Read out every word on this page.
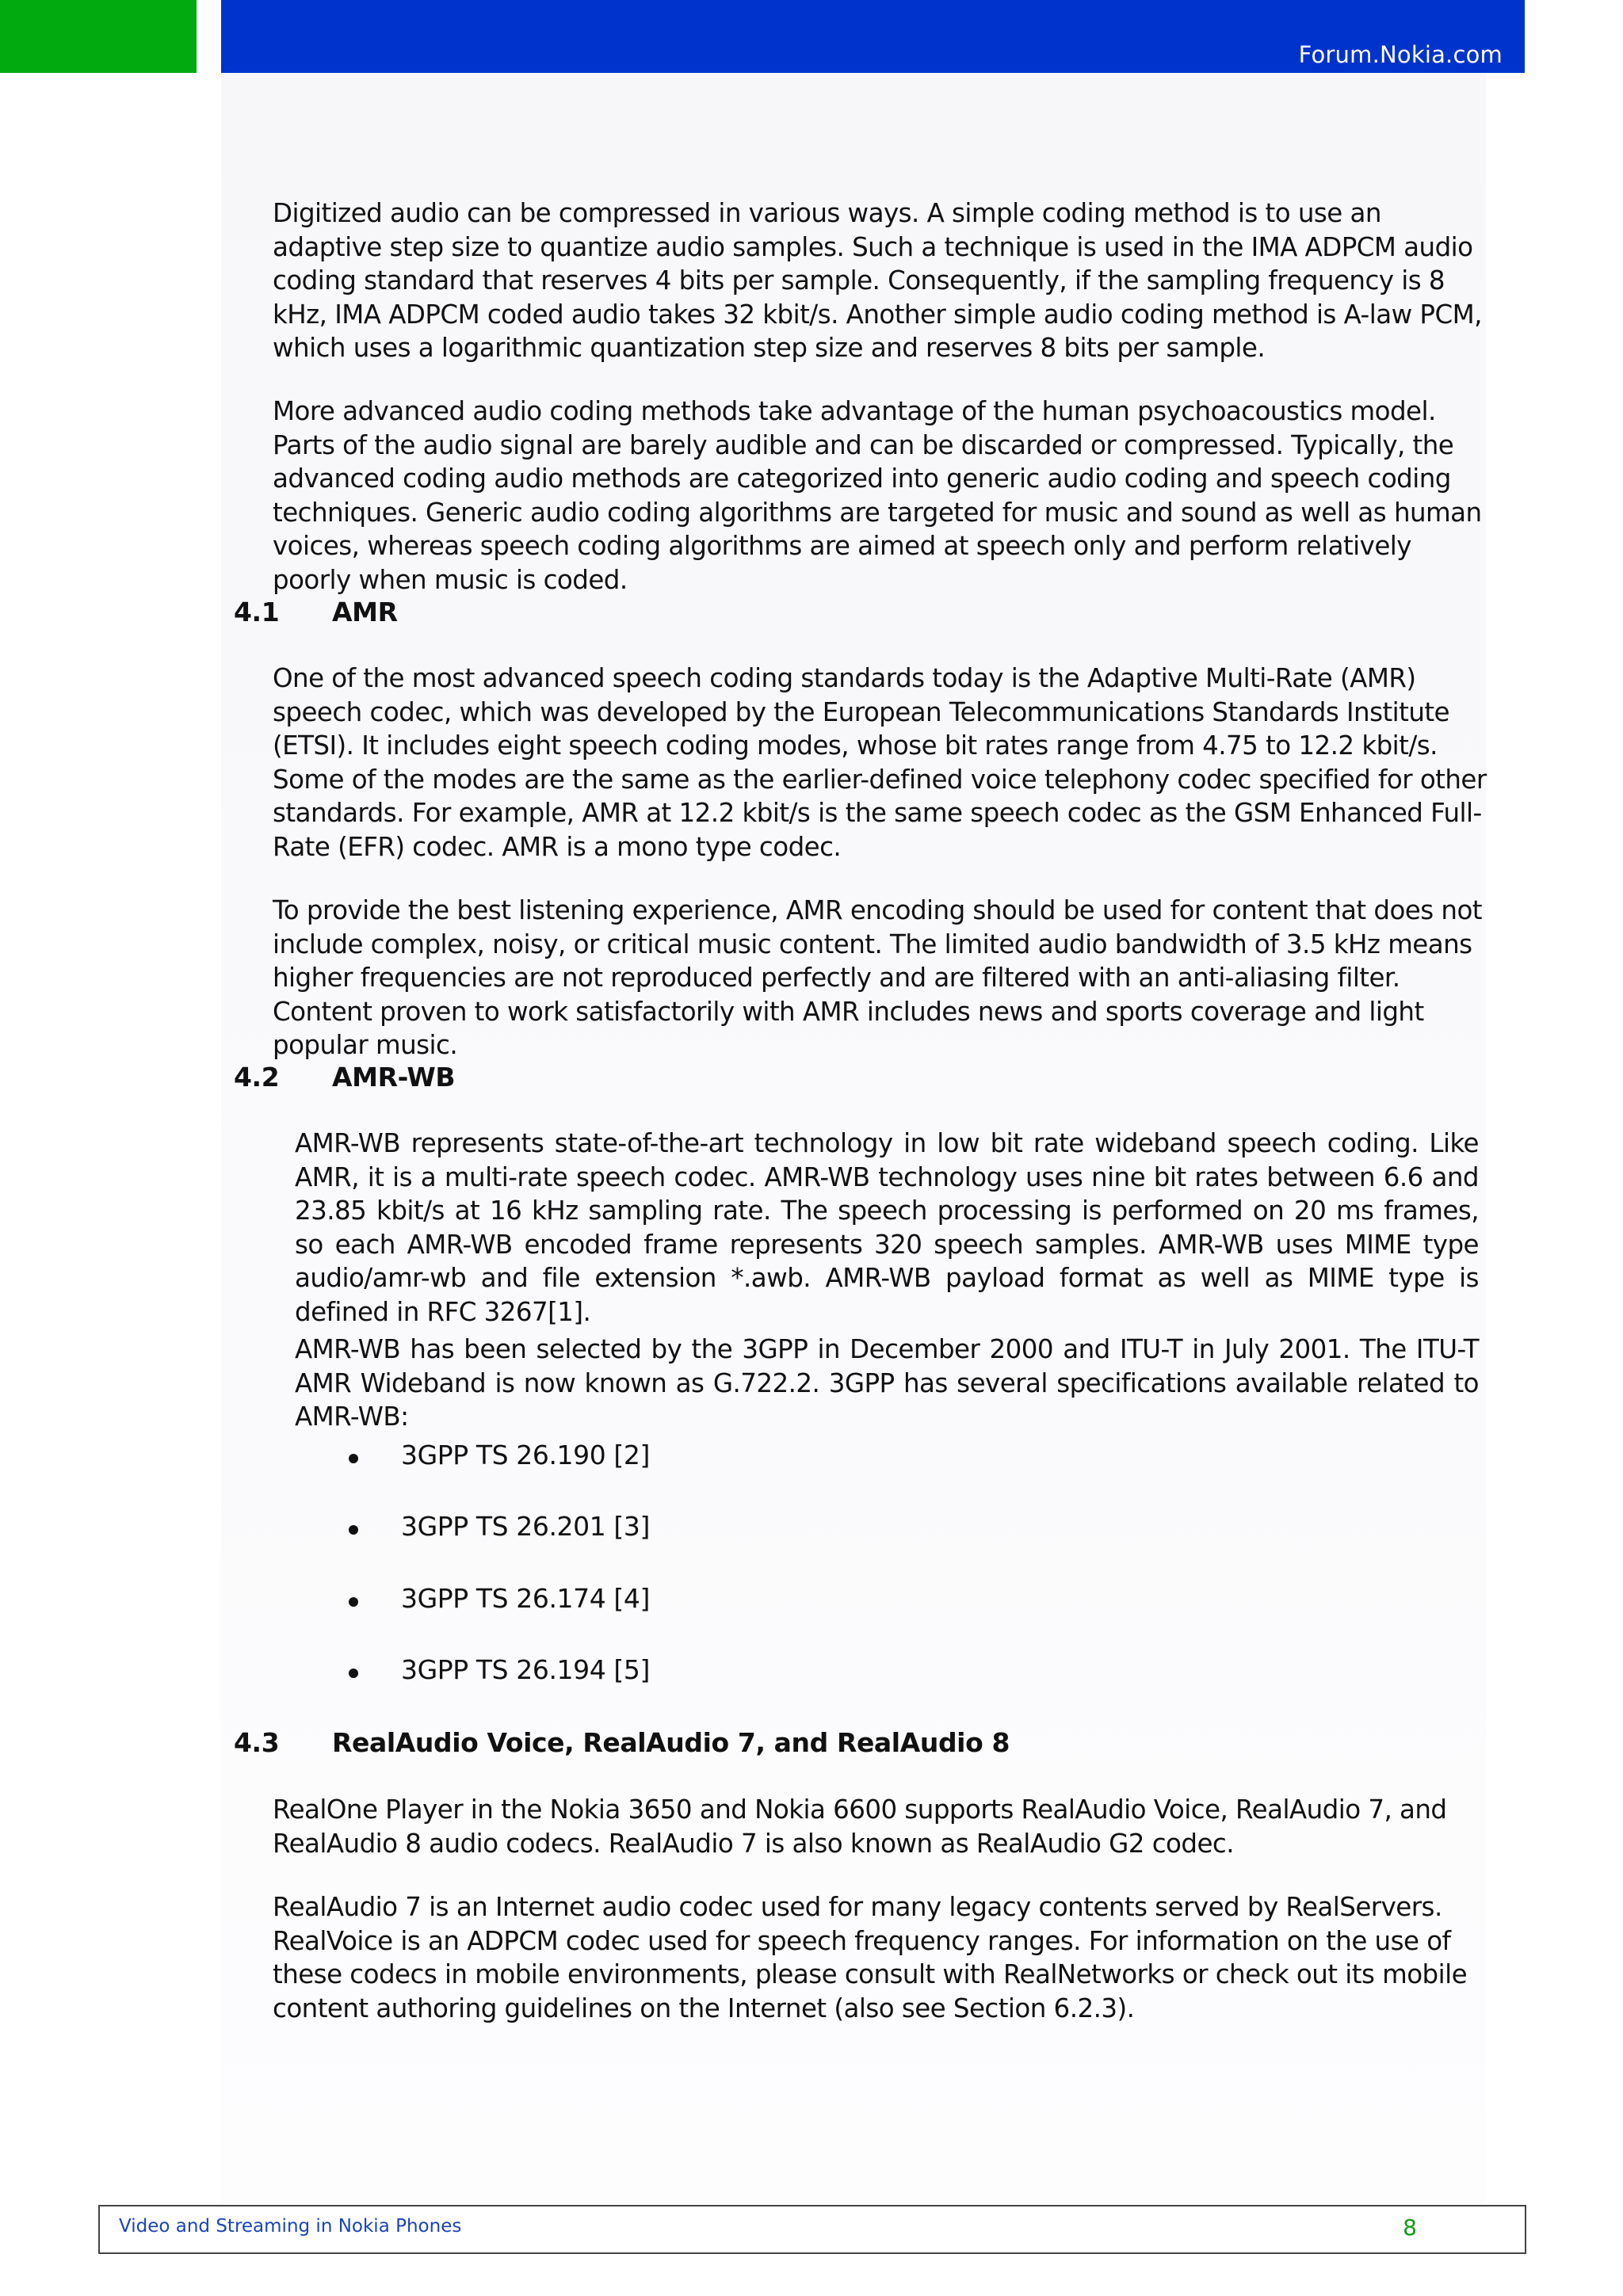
Forum.Nokia.com

Digitized audio can be compressed in various ways. A simple coding method is to use an adaptive step size to quantize audio samples. Such a technique is used in the IMA ADPCM audio coding standard that reserves 4 bits per sample. Consequently, if the sampling frequency is 8 kHz, IMA ADPCM coded audio takes 32 kbit/s. Another simple audio coding method is A-law PCM, which uses a logarithmic quantization step size and reserves 8 bits per sample.

More advanced audio coding methods take advantage of the human psychoacoustics model. Parts of the audio signal are barely audible and can be discarded or compressed. Typically, the advanced coding audio methods are categorized into generic audio coding and speech coding techniques. Generic audio coding algorithms are targeted for music and sound as well as human voices, whereas speech coding algorithms are aimed at speech only and perform relatively poorly when music is coded.

4.1 AMR

One of the most advanced speech coding standards today is the Adaptive Multi-Rate (AMR) speech codec, which was developed by the European Telecommunications Standards Institute (ETSI). It includes eight speech coding modes, whose bit rates range from 4.75 to 12.2 kbit/s. Some of the modes are the same as the earlier-defined voice telephony codec specified for other standards. For example, AMR at 12.2 kbit/s is the same speech codec as the GSM Enhanced Full-Rate (EFR) codec. AMR is a mono type codec.

To provide the best listening experience, AMR encoding should be used for content that does not include complex, noisy, or critical music content. The limited audio bandwidth of 3.5 kHz means higher frequencies are not reproduced perfectly and are filtered with an anti-aliasing filter. Content proven to work satisfactorily with AMR includes news and sports coverage and light popular music.

4.2 AMR-WB

AMR-WB represents state-of-the-art technology in low bit rate wideband speech coding. Like AMR, it is a multi-rate speech codec. AMR-WB technology uses nine bit rates between 6.6 and 23.85 kbit/s at 16 kHz sampling rate. The speech processing is performed on 20 ms frames, so each AMR-WB encoded frame represents 320 speech samples. AMR-WB uses MIME type audio/amr-wb and file extension *.awb. AMR-WB payload format as well as MIME type is defined in RFC 3267[1].

AMR-WB has been selected by the 3GPP in December 2000 and ITU-T in July 2001. The ITU-T AMR Wideband is now known as G.722.2. 3GPP has several specifications available related to AMR-WB:

3GPP TS 26.190 [2]
3GPP TS 26.201 [3]
3GPP TS 26.174 [4]
3GPP TS 26.194 [5]
4.3 RealAudio Voice, RealAudio 7, and RealAudio 8

RealOne Player in the Nokia 3650 and Nokia 6600 supports RealAudio Voice, RealAudio 7, and RealAudio 8 audio codecs. RealAudio 7 is also known as RealAudio G2 codec.

RealAudio 7 is an Internet audio codec used for many legacy contents served by RealServers. RealVoice is an ADPCM codec used for speech frequency ranges. For information on the use of these codecs in mobile environments, please consult with RealNetworks or check out its mobile content authoring guidelines on the Internet (also see Section 6.2.3).

Video and Streaming in Nokia Phones	8
